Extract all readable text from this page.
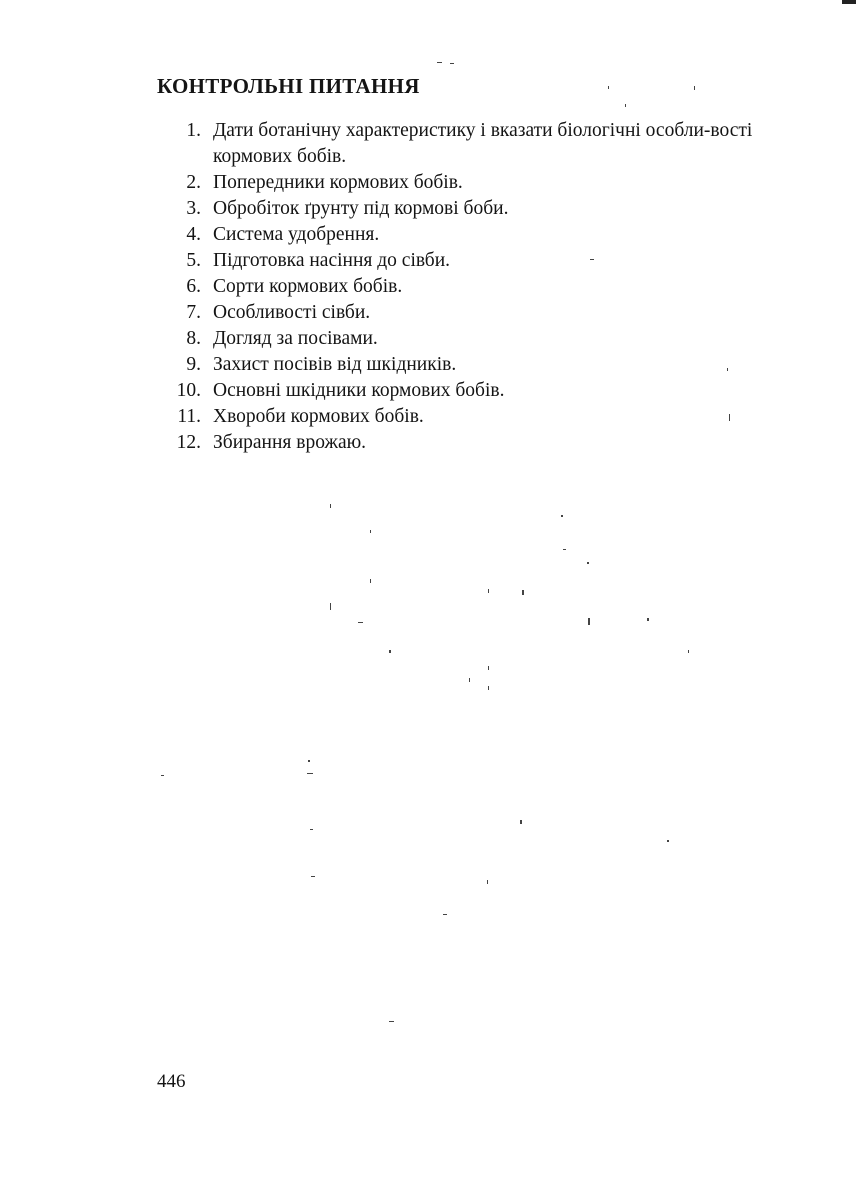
КОНТРОЛЬНІ ПИТАННЯ
1. Дати ботанічну характеристику і вказати біологічні особли-вості кормових бобів.
2. Попередники кормових бобів.
3. Обробіток ґрунту під кормові боби.
4. Система удобрення.
5. Підготовка насіння до сівби.
6. Сорти кормових бобів.
7. Особливості сівби.
8. Догляд за посівами.
9. Захист посівів від шкідників.
10. Основні шкідники кормових бобів.
11. Хвороби кормових бобів.
12. Збирання врожаю.
446
